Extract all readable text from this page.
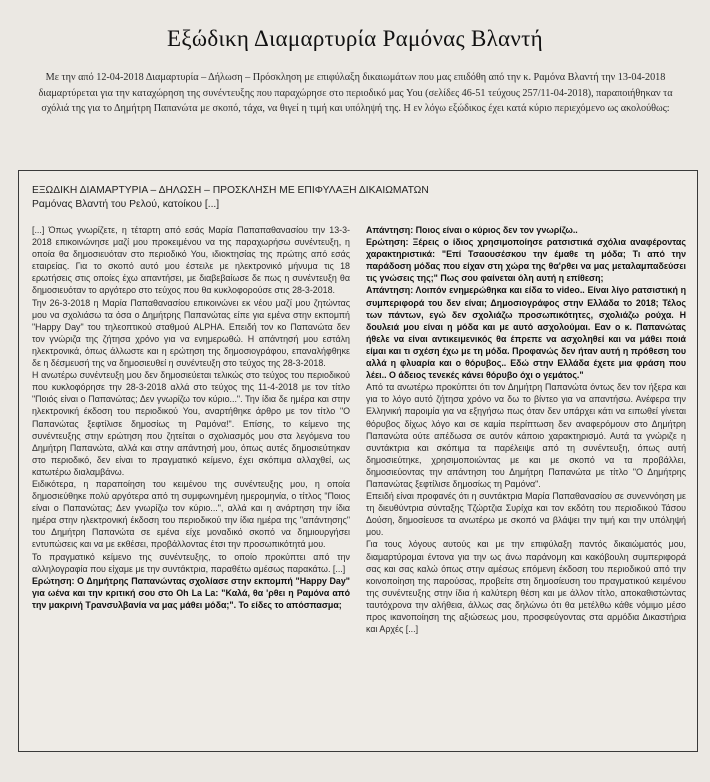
Εξώδικη Διαμαρτυρία Ραμόνας Βλαντή
Με την από 12-04-2018 Διαμαρτυρία – Δήλωση – Πρόσκληση με επιφύλαξη δικαιωμάτων που μας επιδόθη από την κ. Ραμόνα Βλαντή την 13-04-2018 διαμαρτύρεται για την καταχώρηση της συνέντευξης που παραχώρησε στο περιοδικό μας You (σελίδες 46-51 τεύχους 257/11-04-2018), παραποιήθηκαν τα σχόλιά της για το Δημήτρη Παπανώτα με σκοπό, τάχα, να θιγεί η τιμή και υπόληψή της. Η εν λόγω εξώδικος έχει κατά κύριο περιεχόμενο ως ακολούθως:
ΕΞΩΔΙΚΗ ΔΙΑΜΑΡΤΥΡΙΑ – ΔΗΛΩΣΗ – ΠΡΟΣΚΛΗΣΗ ΜΕ ΕΠΙΦΥΛΑΞΗ ΔΙΚΑΙΩΜΑΤΩΝ
Ραμόνας Βλαντή του Ρελού, κατοίκου [...]

[...] Όπως γνωρίζετε, η τέταρτη από εσάς Μαρία Παπαπαθανασίου την 13-3-2018 επικοινώνησε μαζί μου προκειμένου να της παραχωρήσω συνέντευξη, η οποία θα δημοσιευόταν στο περιοδικό You, ιδιοκτησίας της πρώτης από εσάς εταιρείας. Για το σκοπό αυτό μου έστειλε με ηλεκτρονικό μήνυμα τις 18 ερωτήσεις στις οποίες έχω απαντήσει, με διαβεβαίωσε δε πως η συνέντευξη θα δημοσιευόταν το αργότερο στο τεύχος που θα κυκλοφορούσε στις 28-3-2018.

Την 26-3-2018 η Μαρία Παπαθανασίου επικοινώνει εκ νέου μαζί μου ζητώντας μου να σχολιάσω τα όσα ο Δημήτρης Παπανώτας είπε για εμένα στην εκπομπή "Happy Day" του τηλεοπτικού σταθμού ALPHA. Επειδή τον κο Παπανώτα δεν τον γνώριζα της ζήτησα χρόνο για να ενημερωθώ. Η απάντησή μου εστάλη ηλεκτρονικά, όπως άλλωστε και η ερώτηση της δημοσιογράφου, επαναλήφθηκε δε η δέσμευσή της να δημοσιευθεί η συνέντευξη στο τεύχος της 28-3-2018.

Η ανωτέρω συνέντευξη μου δεν δημοσιεύεται τελικώς στο τεύχος του περιοδικού που κυκλοφόρησε την 28-3-2018 αλλά στο τεύχος της 11-4-2018 με τον τίτλο "Ποιός είναι ο Παπανώτας; Δεν γνωρίζω τον κύριο...". Την ίδια δε ημέρα και στην ηλεκτρονική έκδοση του περιοδικού You, αναρτήθηκε άρθρο με τον τίτλο "Ο Παπανώτας ξεφτίλισε δημοσίως τη Ραμόνα!". Επίσης, το κείμενο της συνέντευξης στην ερώτηση που ζητείται ο σχολιασμός μου στα λεγόμενα του Δημήτρη Παπανώτα, αλλά και στην απάντησή μου, όπως αυτές δημοσιεύτηκαν στο περιοδικό, δεν είναι το πραγματικό κείμενο, έχει σκόπιμα αλλαχθεί, ως κατωτέρω διαλαμβάνω.

Ειδικότερα, η παραποίηση του κειμένου της συνέντευξης μου, η οποία δημοσιεύθηκε πολύ αργότερα από τη συμφωνημένη ημερομηνία, ο τίτλος "Ποιος είναι ο Παπανώτας; Δεν γνωρίζω τον κύριο...", αλλά και η ανάρτηση την ίδια ημέρα στην ηλεκτρονική έκδοση του περιοδικού την ίδια ημέρα της "απάντησης" του Δημήτρη Παπανώτα σε εμένα είχε μοναδικό σκοπό να δημιουργήσει εντυπώσεις και να με εκθέσει, προβάλλοντας έτσι την προσωπικότητά μου.

Το πραγματικό κείμενο της συνέντευξης, το οποίο προκύπτει από την αλληλογραφία που είχαμε με την συντάκτρια, παραθέτω αμέσως παρακάτω. [...]

Ερώτηση: Ο Δημήτρης Παπανώντας σχολίασε στην εκπομπή "Happy Day" για ωένα και την κριτική σου στο Oh La La: "Καλά, θα 'ρθει η Ραμόνα από την μακρινή Τρανσυλβανία να μας μάθει μόδα;". Το είδες το απόσπασμα;

Απάντηση: Ποιος είναι ο κύριος δεν τον γνωρίζω..

Ερώτηση: Ξέρεις ο ίδιος χρησιμοποίησε ρατσιστικά σχόλια αναφέροντας χαρακτηριστικά: "Επί Τσαουσέσκου την έμαθε τη μόδα; Τι από την παράδοση μόδας που είχαν στη χώρα της θα'ρθει να μας μεταλαμπαδεύσει τις γνώσεις της;" Πως σου φαίνεται όλη αυτή η επίθεση;

Απάντηση: Λοιπόν ενημερώθηκα και είδα το video.. Είναι λίγο ρατσιστική η συμπεριφορά του δεν είναι; Δημοσιογράφος στην Ελλάδα το 2018; Τέλος των πάντων, εγώ δεν σχολιάζω προσωπικότητες, σχολιάζω ρούχα. Η δουλειά μου είναι η μόδα και με αυτό ασχολούμαι. Εαν ο κ. Παπανώτας ήθελε να είναι αντικειμενικός θα έπρεπε να ασχοληθεί και να μάθει ποιά είμαι και τι σχέση έχω με τη μόδα. Προφανώς δεν ήταν αυτή η πρόθεση του αλλά η φλυαρία και ο θόρυβος.. Εδώ στην Ελλάδα έχετε μια φράση που λέει.. Ο άδειος τενεκές κάνει θόρυβο όχι ο γεμάτος."

Από τα ανωτέρω προκύπτει ότι τον Δημήτρη Παπανώτα όντως δεν τον ήξερα και για το λόγο αυτό ζήτησα χρόνο να δω το βίντεο για να απαντήσω. Ανέφερα την Ελληνική παροιμία για να εξηγήσω πως όταν δεν υπάρχει κάτι να ειπωθεί γίνεται θόρυβος δίχως λόγο και σε καμία περίπτωση δεν αναφερόμουν στο Δημήτρη Παπανώτα ούτε απέδωσα σε αυτόν κάποιο χαρακτηρισμό. Αυτά τα γνώριζε η συντάκτρια και σκόπιμα τα παρέλειψε από τη συνέντευξη, όπως αυτή δημοσιεύτηκε, χρησιμοποιώντας με και με σκοπό να τα προβάλλει, δημοσιεύοντας την απάντηση του Δημήτρη Παπανώτα με τίτλο "Ο Δημήτρης Παπανώτας ξεφτίλισε δημοσίως τη Ραμόνα".

Επειδή είναι προφανές ότι η συντάκτρια Μαρία Παπαθανασίου σε συνεννόηση με τη διευθύντρια σύνταξης Τζώρτζια Συρίχα και τον εκδότη του περιοδικού Τάσου Δούση, δημοσίευσε τα ανωτέρω με σκοπό να βλάψει την τιμή και την υπόληψή μου.

Για τους λόγους αυτούς και με την επιφύλαξη παντός δικαιώματός μου, διαμαρτύρομαι έντονα για την ως άνω παράνομη και κακόβουλη συμπεριφορά σας και σας καλώ όπως στην αμέσως επόμενη έκδοση του περιοδικού από την κοινοποίηση της παρούσας, προβείτε στη δημοσίευση του πραγματικού κειμένου της συνέντευξης στην ίδια ή καλύτερη θέση και με άλλον τίτλο, αποκαθιστώντας ταυτόχρονα την αλήθεια, άλλως σας δηλώνω ότι θα μετέλθω κάθε νόμιμο μέσο προς ικανοποίηση της αξιώσεως μου, προσφεύγοντας στα αρμόδια Δικαστήρια και Αρχές [...]
